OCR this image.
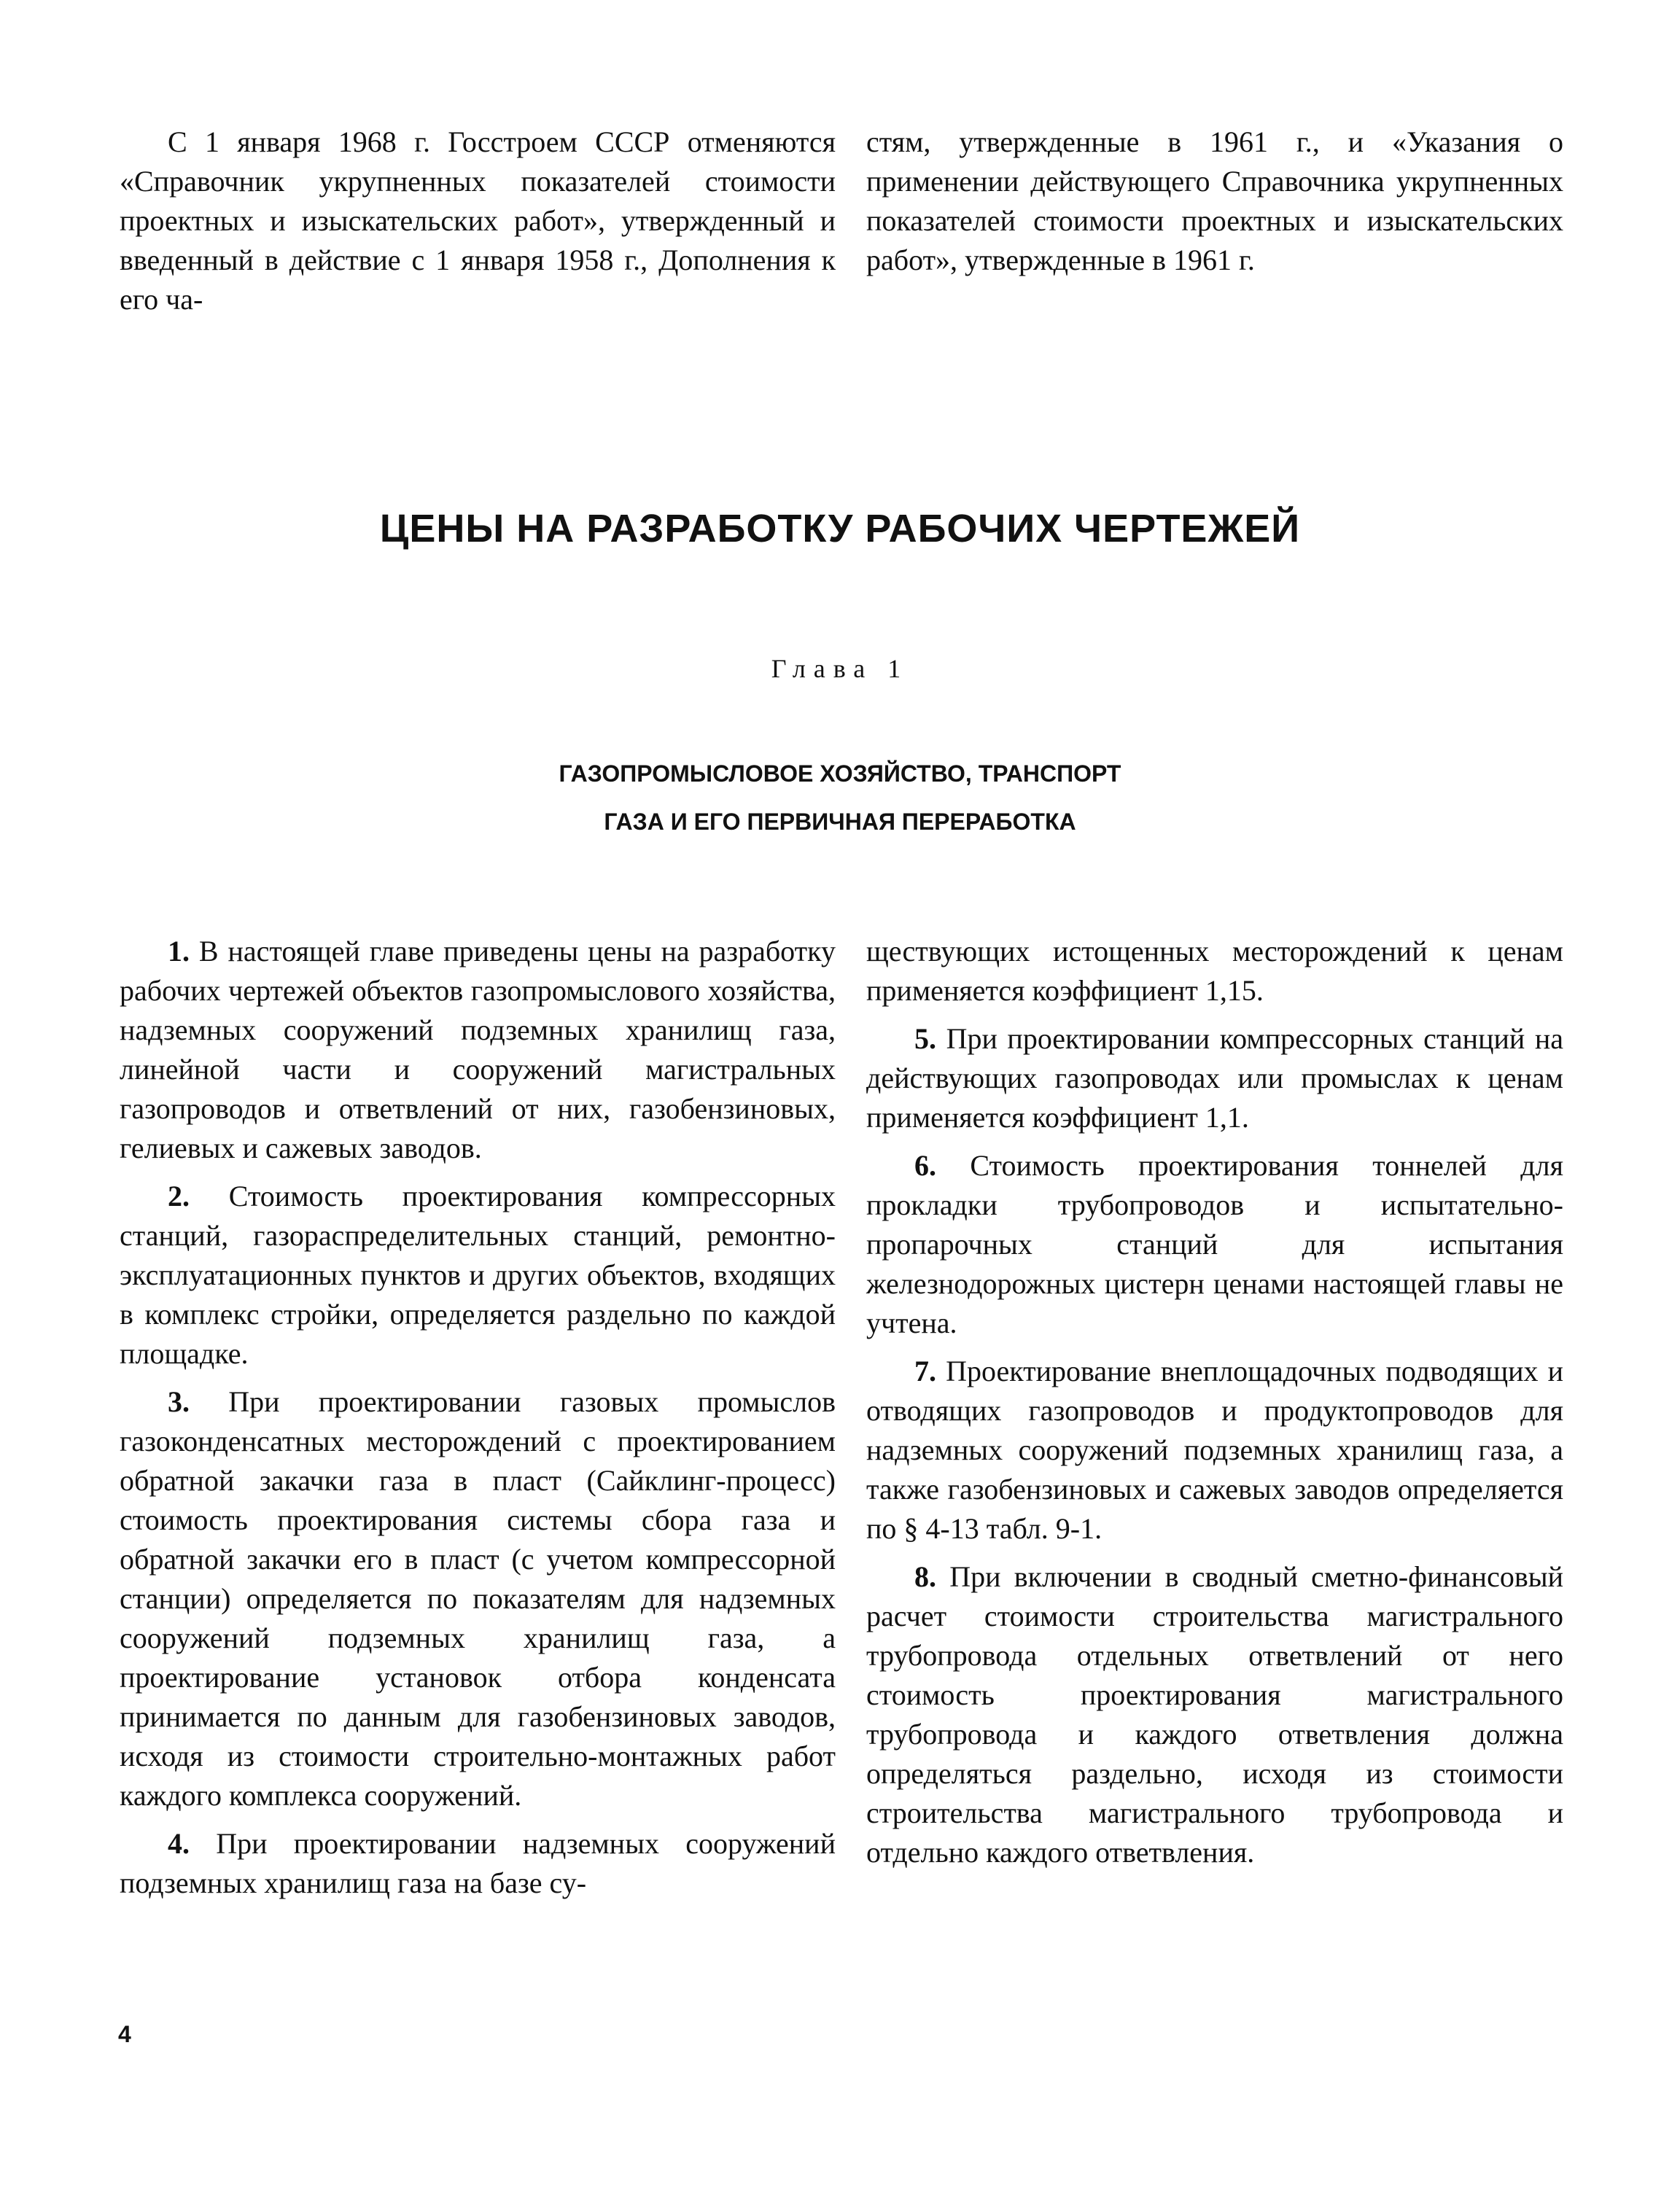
С 1 января 1968 г. Госстроем СССР отменяются «Справочник укрупненных показателей стоимости проектных и изыскательских работ», утвержденный и введенный в действие с 1 января 1958 г., Дополнения к его ча-

стям, утвержденные в 1961 г., и «Указания о применении действующего Справочника укрупненных показателей стоимости проектных и изыскательских работ», утвержденные в 1961 г.

ЦЕНЫ НА РАЗРАБОТКУ РАБОЧИХ ЧЕРТЕЖЕЙ
Глава 1
ГАЗОПРОМЫСЛОВОЕ ХОЗЯЙСТВО, ТРАНСПОРТ
ГАЗА И ЕГО ПЕРВИЧНАЯ ПЕРЕРАБОТКА

1. В настоящей главе приведены цены на разработку рабочих чертежей объектов газопромыслового хозяйства, надземных сооружений подземных хранилищ газа, линейной части и сооружений магистральных газопроводов и ответвлений от них, газобензиновых, гелиевых и сажевых заводов.

2. Стоимость проектирования компрессорных станций, газораспределительных станций, ремонтно-эксплуатационных пунктов и других объектов, входящих в комплекс стройки, определяется раздельно по каждой площадке.

3. При проектировании газовых промыслов газоконденсатных месторождений с проектированием обратной закачки газа в пласт (Сайклинг-процесс) стоимость проектирования системы сбора газа и обратной закачки его в пласт (с учетом компрессорной станции) определяется по показателям для надземных сооружений подземных хранилищ газа, а проектирование установок отбора конденсата принимается по данным для газобензиновых заводов, исходя из стоимости строительно-монтажных работ каждого комплекса сооружений.

4. При проектировании надземных сооружений подземных хранилищ газа на базе су-

ществующих истощенных месторождений к ценам применяется коэффициент 1,15.

5. При проектировании компрессорных станций на действующих газопроводах или промыслах к ценам применяется коэффициент 1,1.

6. Стоимость проектирования тоннелей для прокладки трубопроводов и испытательно-пропарочных станций для испытания железнодорожных цистерн ценами настоящей главы не учтена.

7. Проектирование внеплощадочных подводящих и отводящих газопроводов и продуктопроводов для надземных сооружений подземных хранилищ газа, а также газобензиновых и сажевых заводов определяется по § 4-13 табл. 9-1.

8. При включении в сводный сметно-финансовый расчет стоимости строительства магистрального трубопровода отдельных ответвлений от него стоимость проектирования магистрального трубопровода и каждого ответвления должна определяться раздельно, исходя из стоимости строительства магистрального трубопровода и отдельно каждого ответвления.

4
